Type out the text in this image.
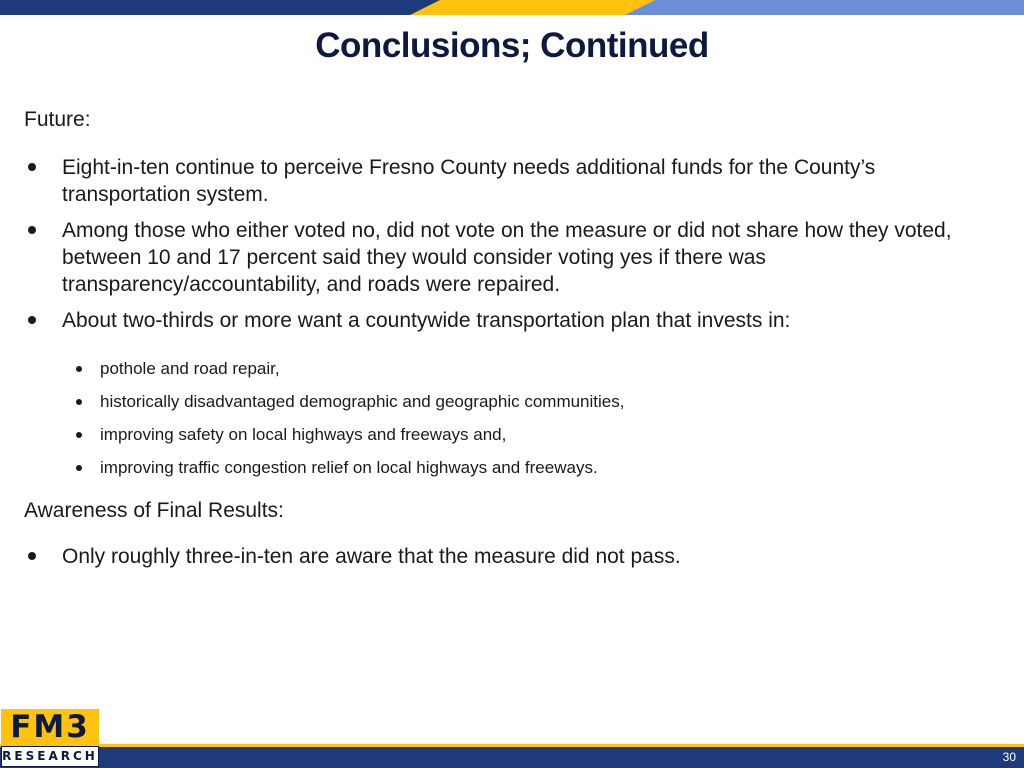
Conclusions; Continued
Future:
Eight-in-ten continue to perceive Fresno County needs additional funds for the County’s transportation system.
Among those who either voted no, did not vote on the measure or did not share how they voted, between 10 and 17 percent said they would consider voting yes if there was transparency/accountability, and roads were repaired.
About two-thirds or more want a countywide transportation plan that invests in:
pothole and road repair,
historically disadvantaged demographic and geographic communities,
improving safety on local highways and freeways and,
improving traffic congestion relief on local highways and freeways.
Awareness of Final Results:
Only roughly three-in-ten are aware that the measure did not pass.
FM3
RESEARCH	30
